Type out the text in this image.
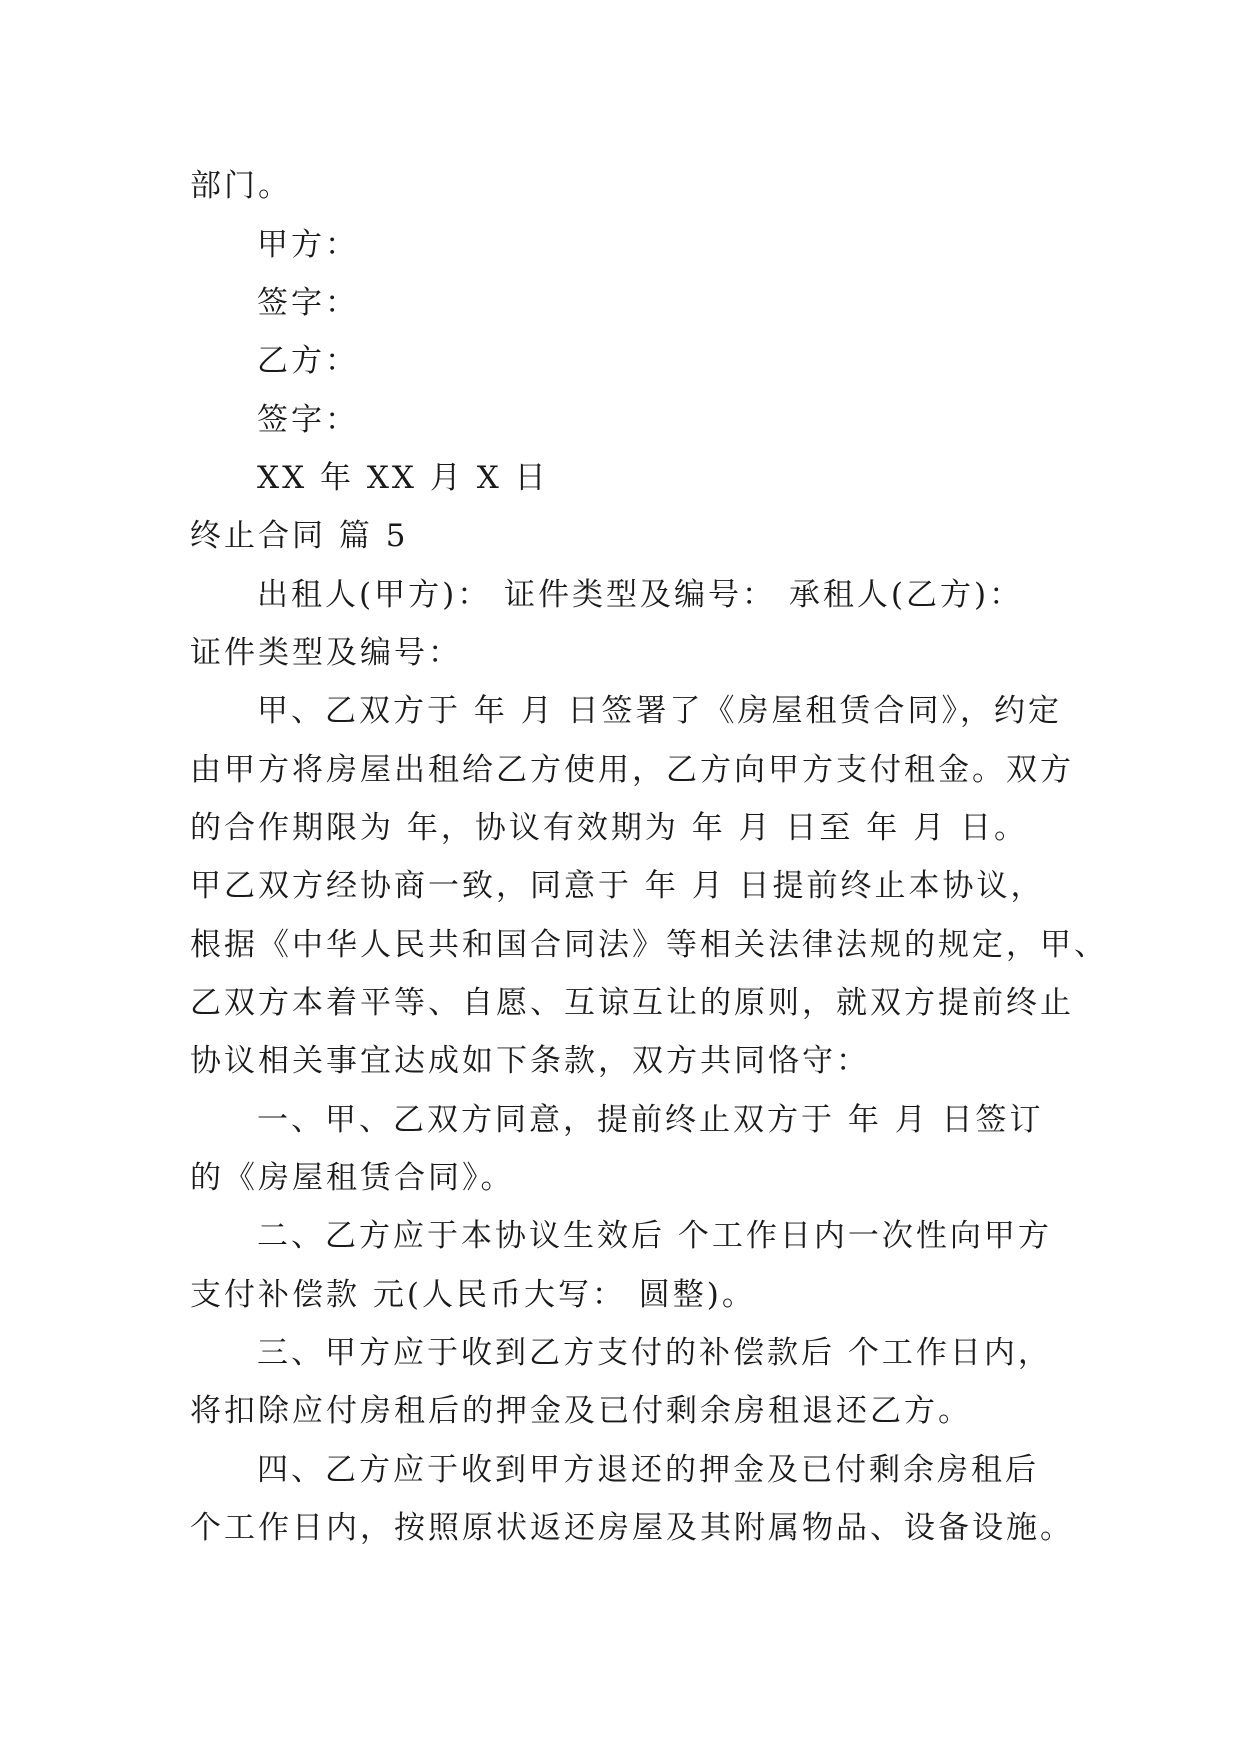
部门。
甲方：
签字：
乙方：
签字：
XX 年 XX 月 X 日
终止合同 篇 5
出租人(甲方)： 证件类型及编号： 承租人(乙方)：
证件类型及编号：
甲、乙双方于 年 月 日签署了《房屋租赁合同》，约定
由甲方将房屋出租给乙方使用，乙方向甲方支付租金。双方
的合作期限为 年，协议有效期为 年 月 日至 年 月 日。
甲乙双方经协商一致，同意于 年 月 日提前终止本协议，
根据《中华人民共和国合同法》等相关法律法规的规定，甲、
乙双方本着平等、自愿、互谅互让的原则，就双方提前终止
协议相关事宜达成如下条款，双方共同恪守：
一、甲、乙双方同意，提前终止双方于 年 月 日签订
的《房屋租赁合同》。
二、乙方应于本协议生效后 个工作日内一次性向甲方
支付补偿款 元(人民币大写： 圆整)。
三、甲方应于收到乙方支付的补偿款后 个工作日内，
将扣除应付房租后的押金及已付剩余房租退还乙方。
四、乙方应于收到甲方退还的押金及已付剩余房租后
个工作日内，按照原状返还房屋及其附属物品、设备设施。
